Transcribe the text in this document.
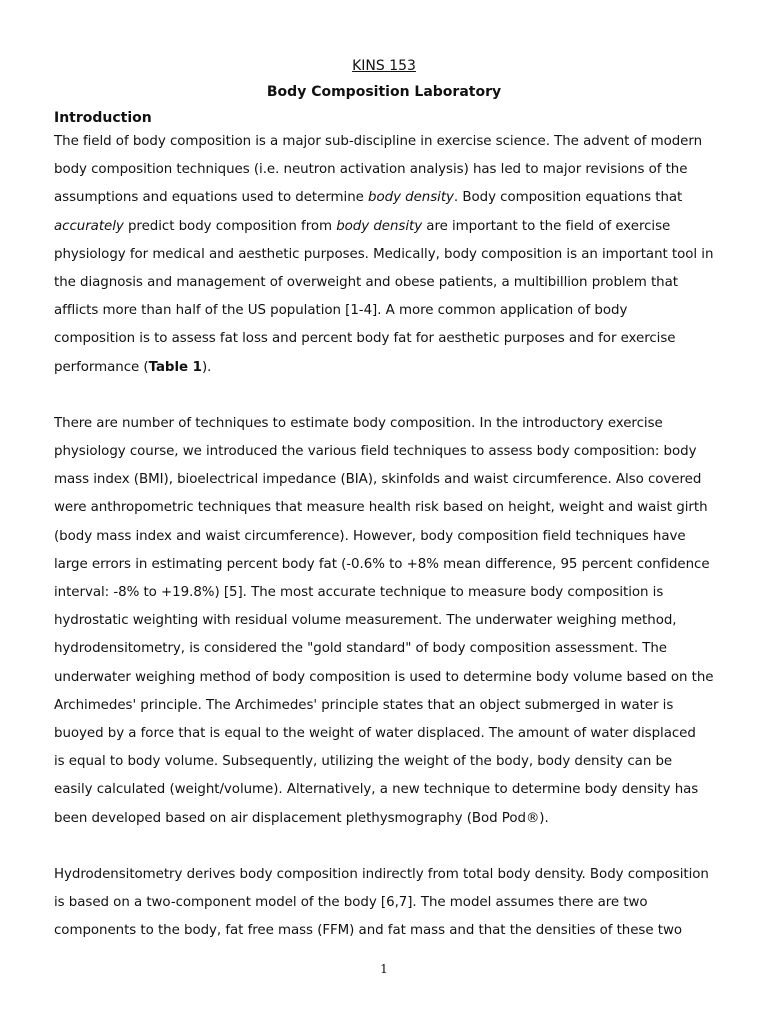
KINS 153
Body Composition Laboratory
Introduction

The field of body composition is a major sub-discipline in exercise science. The advent of modern

body composition techniques (i.e. neutron activation analysis) has led to major revisions of the

assumptions and equations used to determine body density. Body composition equations that

accurately predict body composition from body density are important to the field of exercise

physiology for medical and aesthetic purposes. Medically, body composition is an important tool in

the diagnosis and management of overweight and obese patients, a multibillion problem that

afflicts more than half of the US population [1-4]. A more common application of body

composition is to assess fat loss and percent body fat for aesthetic purposes and for exercise

performance (Table 1).

There are number of techniques to estimate body composition. In the introductory exercise

physiology course, we introduced the various field techniques to assess body composition: body

mass index (BMI), bioelectrical impedance (BIA), skinfolds and waist circumference. Also covered

were anthropometric techniques that measure health risk based on height, weight and waist girth

(body mass index and waist circumference). However, body composition field techniques have

large errors in estimating percent body fat (-0.6% to +8% mean difference, 95 percent confidence

interval: -8% to +19.8%) [5]. The most accurate technique to measure body composition is

hydrostatic weighting with residual volume measurement. The underwater weighing method,

hydrodensitometry, is considered the "gold standard" of body composition assessment. The

underwater weighing method of body composition is used to determine body volume based on the

Archimedes' principle. The Archimedes' principle states that an object submerged in water is

buoyed by a force that is equal to the weight of water displaced. The amount of water displaced

is equal to body volume. Subsequently, utilizing the weight of the body, body density can be

easily calculated (weight/volume). Alternatively, a new technique to determine body density has

been developed based on air displacement plethysmography (Bod Pod®).

Hydrodensitometry derives body composition indirectly from total body density. Body composition

is based on a two-component model of the body [6,7]. The model assumes there are two

components to the body, fat free mass (FFM) and fat mass and that the densities of these two

1
